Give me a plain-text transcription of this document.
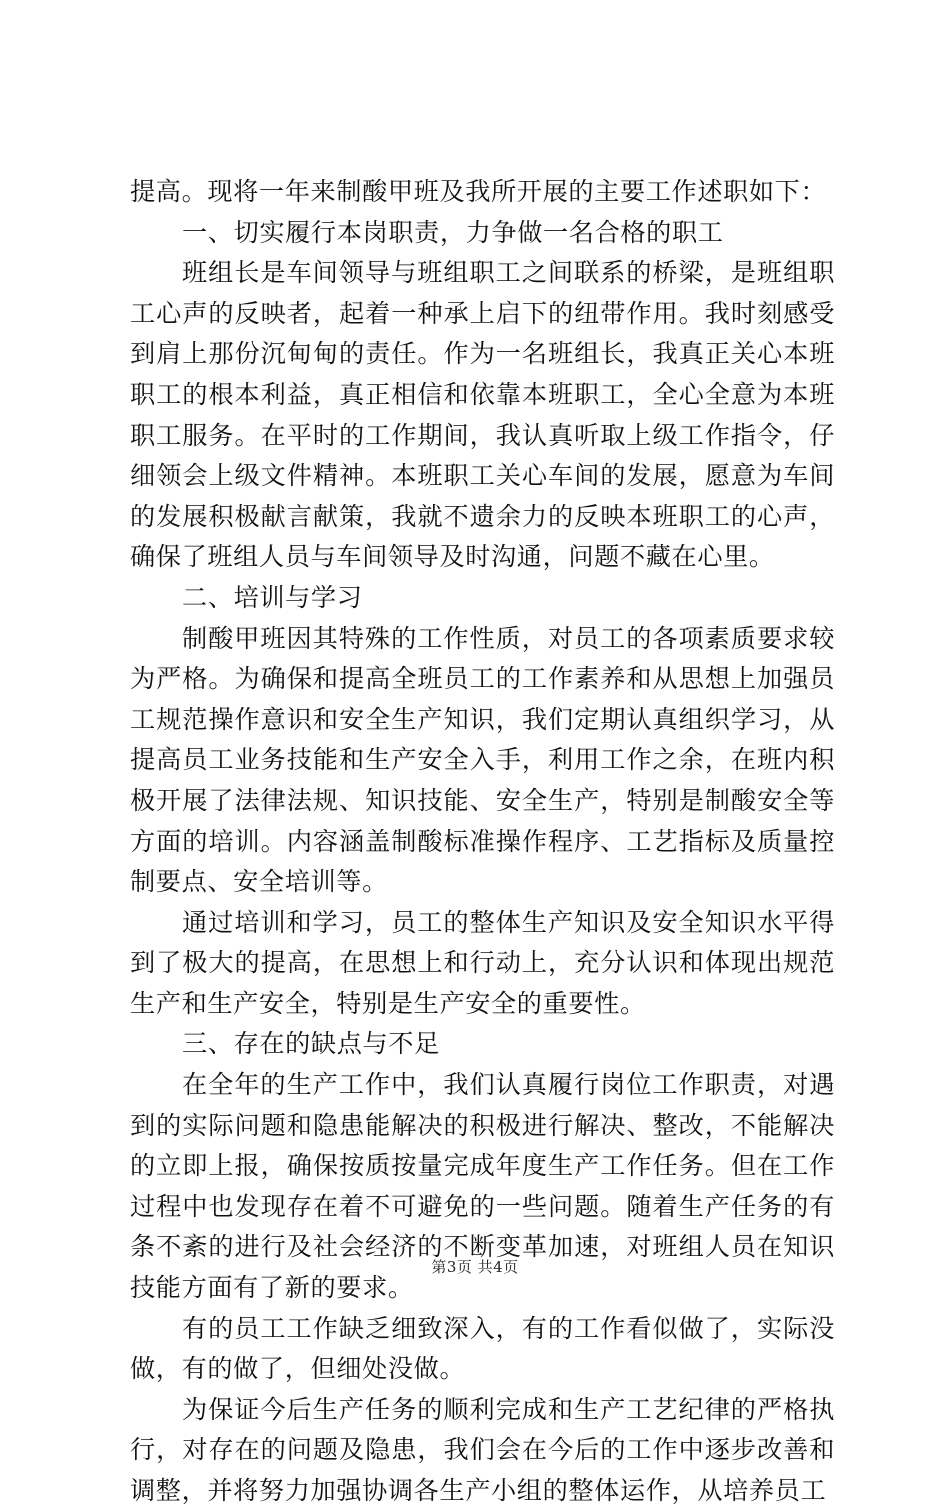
提高。现将一年来制酸甲班及我所开展的主要工作述职如下：

一、切实履行本岗职责，力争做一名合格的职工

班组长是车间领导与班组职工之间联系的桥梁，是班组职工心声的反映者，起着一种承上启下的纽带作用。我时刻感受到肩上那份沉甸甸的责任。作为一名班组长，我真正关心本班职工的根本利益，真正相信和依靠本班职工，全心全意为本班职工服务。在平时的工作期间，我认真听取上级工作指令，仔细领会上级文件精神。本班职工关心车间的发展，愿意为车间的发展积极献言献策，我就不遗余力的反映本班职工的心声，确保了班组人员与车间领导及时沟通，问题不藏在心里。

二、培训与学习

制酸甲班因其特殊的工作性质，对员工的各项素质要求较为严格。为确保和提高全班员工的工作素养和从思想上加强员工规范操作意识和安全生产知识，我们定期认真组织学习，从提高员工业务技能和生产安全入手，利用工作之余，在班内积极开展了法律法规、知识技能、安全生产，特别是制酸安全等方面的培训。内容涵盖制酸标准操作程序、工艺指标及质量控制要点、安全培训等。

通过培训和学习，员工的整体生产知识及安全知识水平得到了极大的提高，在思想上和行动上，充分认识和体现出规范生产和生产安全，特别是生产安全的重要性。

三、存在的缺点与不足

在全年的生产工作中，我们认真履行岗位工作职责，对遇到的实际问题和隐患能解决的积极进行解决、整改，不能解决的立即上报，确保按质按量完成年度生产工作任务。但在工作过程中也发现存在着不可避免的一些问题。随着生产任务的有条不紊的进行及社会经济的不断变革加速，对班组人员在知识技能方面有了新的要求。

有的员工工作缺乏细致深入，有的工作看似做了，实际没做，有的做了，但细处没做。

为保证今后生产任务的顺利完成和生产工艺纪律的严格执行，对存在的问题及隐患，我们会在今后的工作中逐步改善和调整，并将努力加强协调各生产小组的整体运作，从培养员工

第3页 共4页
